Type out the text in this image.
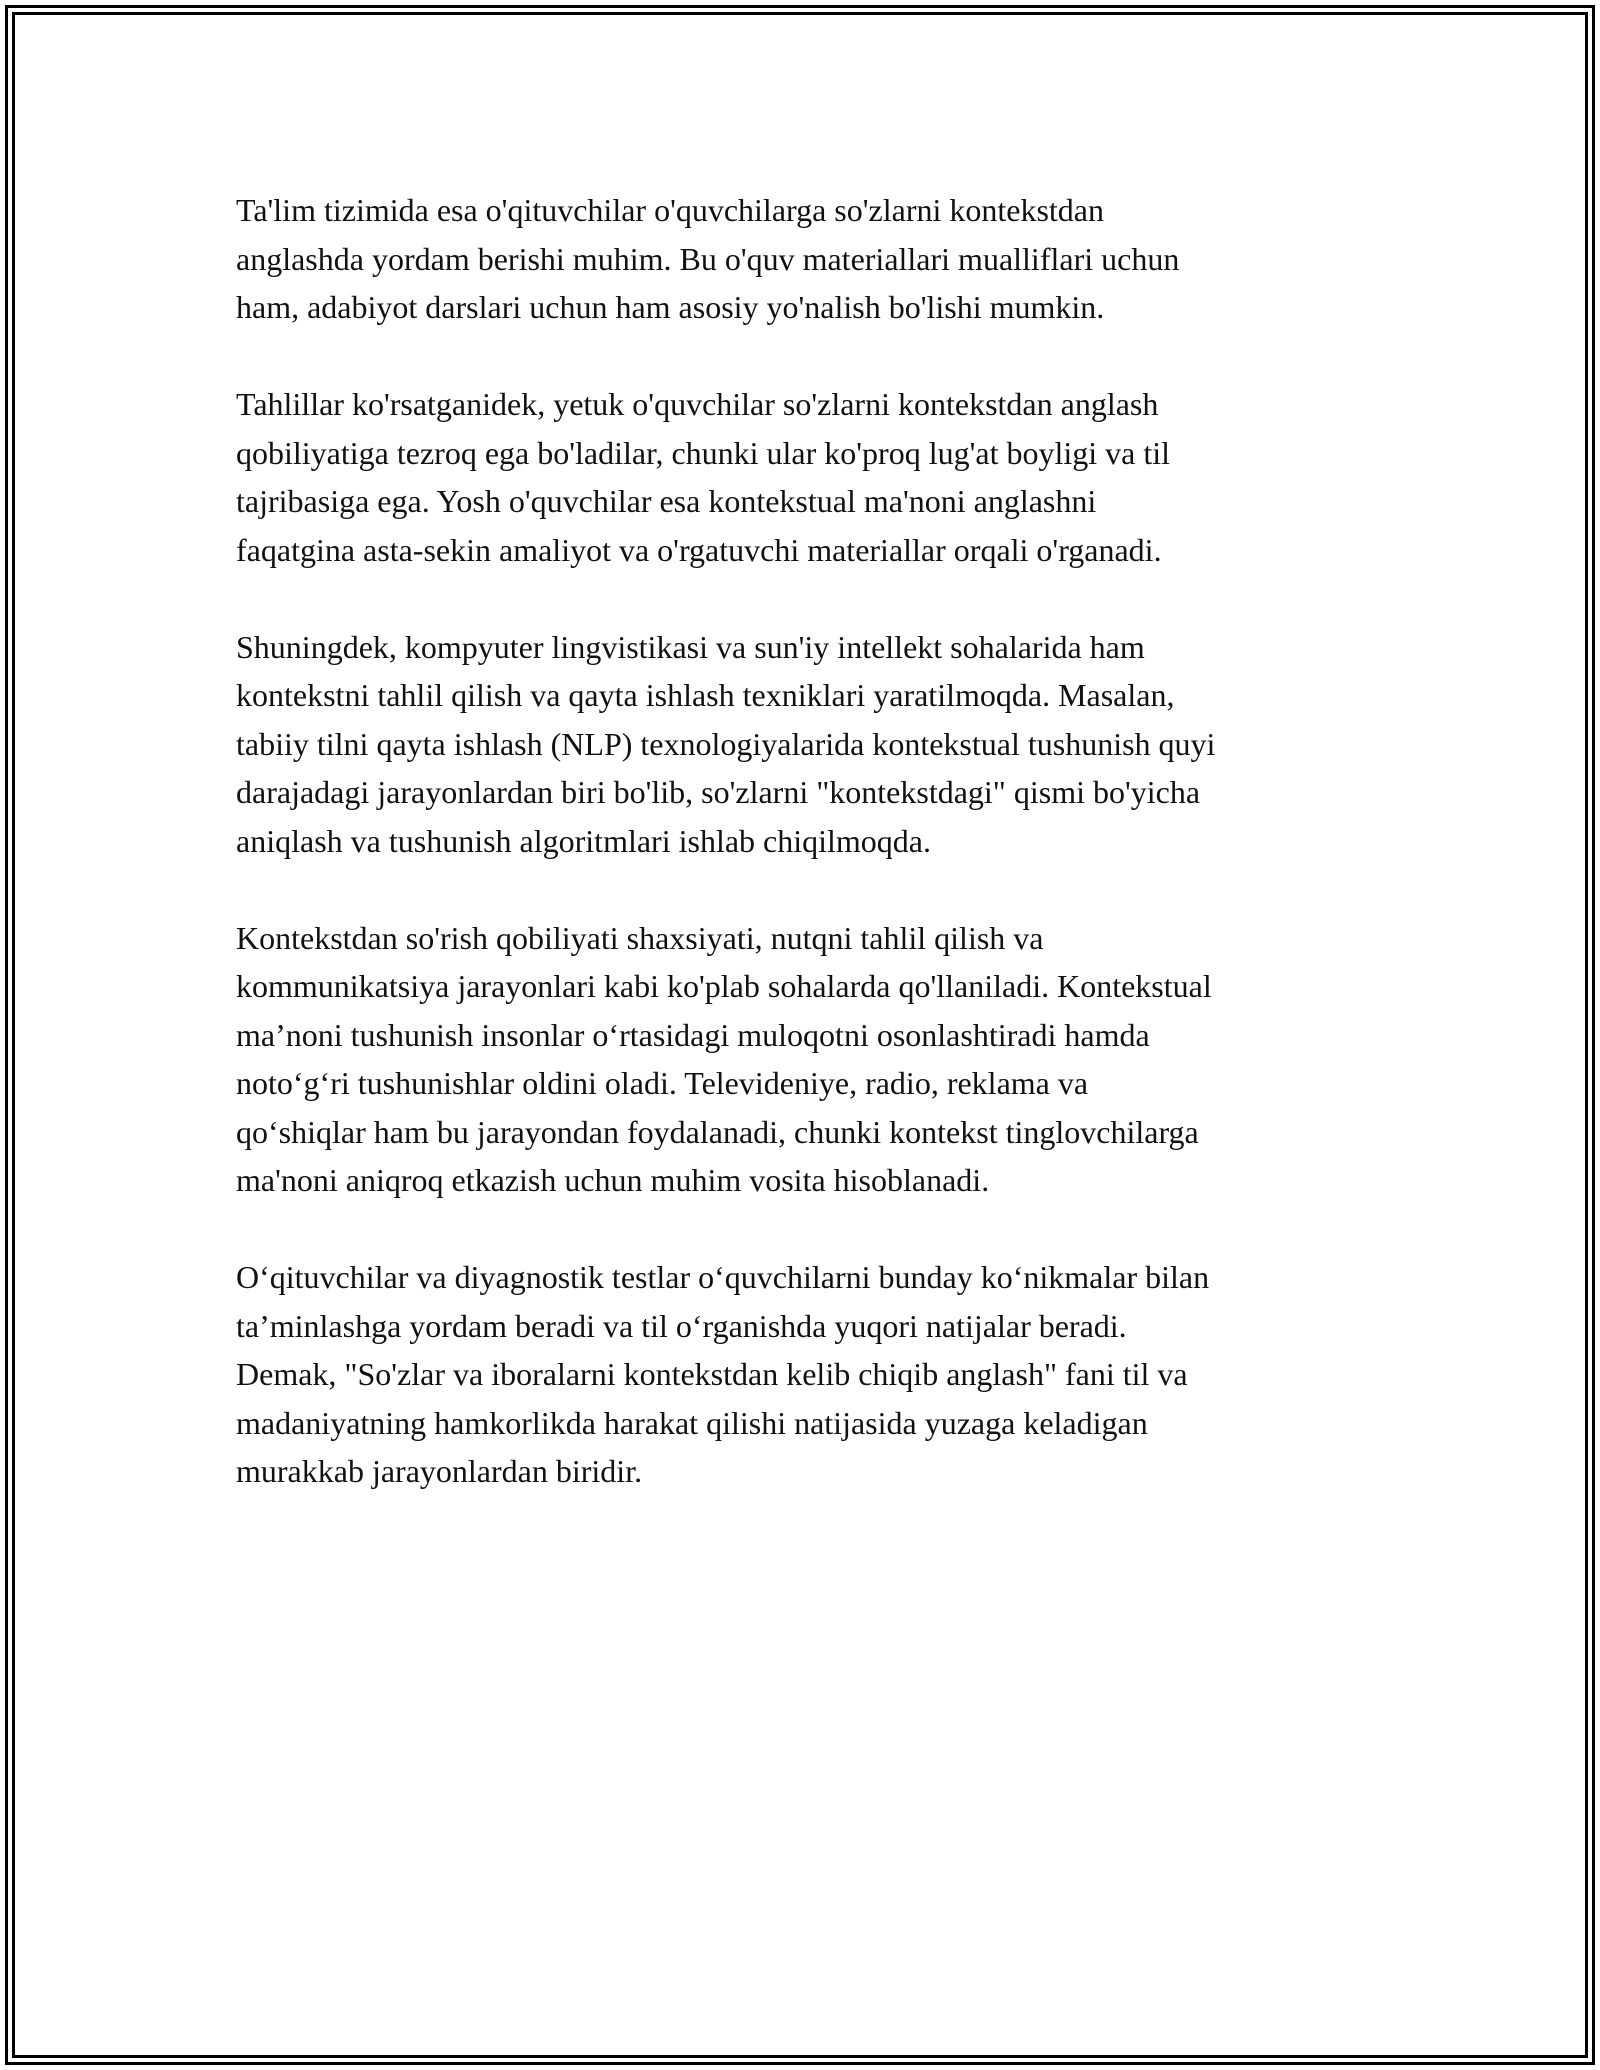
Ta'lim tizimida esa o'qituvchilar o'quvchilarga so'zlarni kontekstdan
anglashda yordam berishi muhim. Bu o'quv materiallari mualliflari uchun
ham, adabiyot darslari uchun ham asosiy yo'nalish bo'lishi mumkin.

Tahlillar ko'rsatganidek, yetuk o'quvchilar so'zlarni kontekstdan anglash
qobiliyatiga tezroq ega bo'ladilar, chunki ular ko'proq lug'at boyligi va til
tajribasiga ega. Yosh o'quvchilar esa kontekstual ma'noni anglashni
faqatgina asta-sekin amaliyot va o'rgatuvchi materiallar orqali o'rganadi.

Shuningdek, kompyuter lingvistikasi va sun'iy intellekt sohalarida ham
kontekstni tahlil qilish va qayta ishlash texniklari yaratilmoqda. Masalan,
tabiiy tilni qayta ishlash (NLP) texnologiyalarida kontekstual tushunish quyi
darajadagi jarayonlardan biri bo'lib, so'zlarni "kontekstdagi" qismi bo'yicha
aniqlash va tushunish algoritmlari ishlab chiqilmoqda.

Kontekstdan so'rish qobiliyati shaxsiyati, nutqni tahlil qilish va
kommunikatsiya jarayonlari kabi ko'plab sohalarda qo'llaniladi. Kontekstual
ma’noni tushunish insonlar o‘rtasidagi muloqotni osonlashtiradi hamda
noto‘g‘ri tushunishlar oldini oladi. Televideniye, radio, reklama va
qo‘shiqlar ham bu jarayondan foydalanadi, chunki kontekst tinglovchilarga
ma'noni aniqroq etkazish uchun muhim vosita hisoblanadi.

O‘qituvchilar va diyagnostik testlar o‘quvchilarni bunday ko‘nikmalar bilan
ta’minlashga yordam beradi va til o‘rganishda yuqori natijalar beradi.
Demak, "So'zlar va iboralarni kontekstdan kelib chiqib anglash" fani til va
madaniyatning hamkorlikda harakat qilishi natijasida yuzaga keladigan
murakkab jarayonlardan biridir.
